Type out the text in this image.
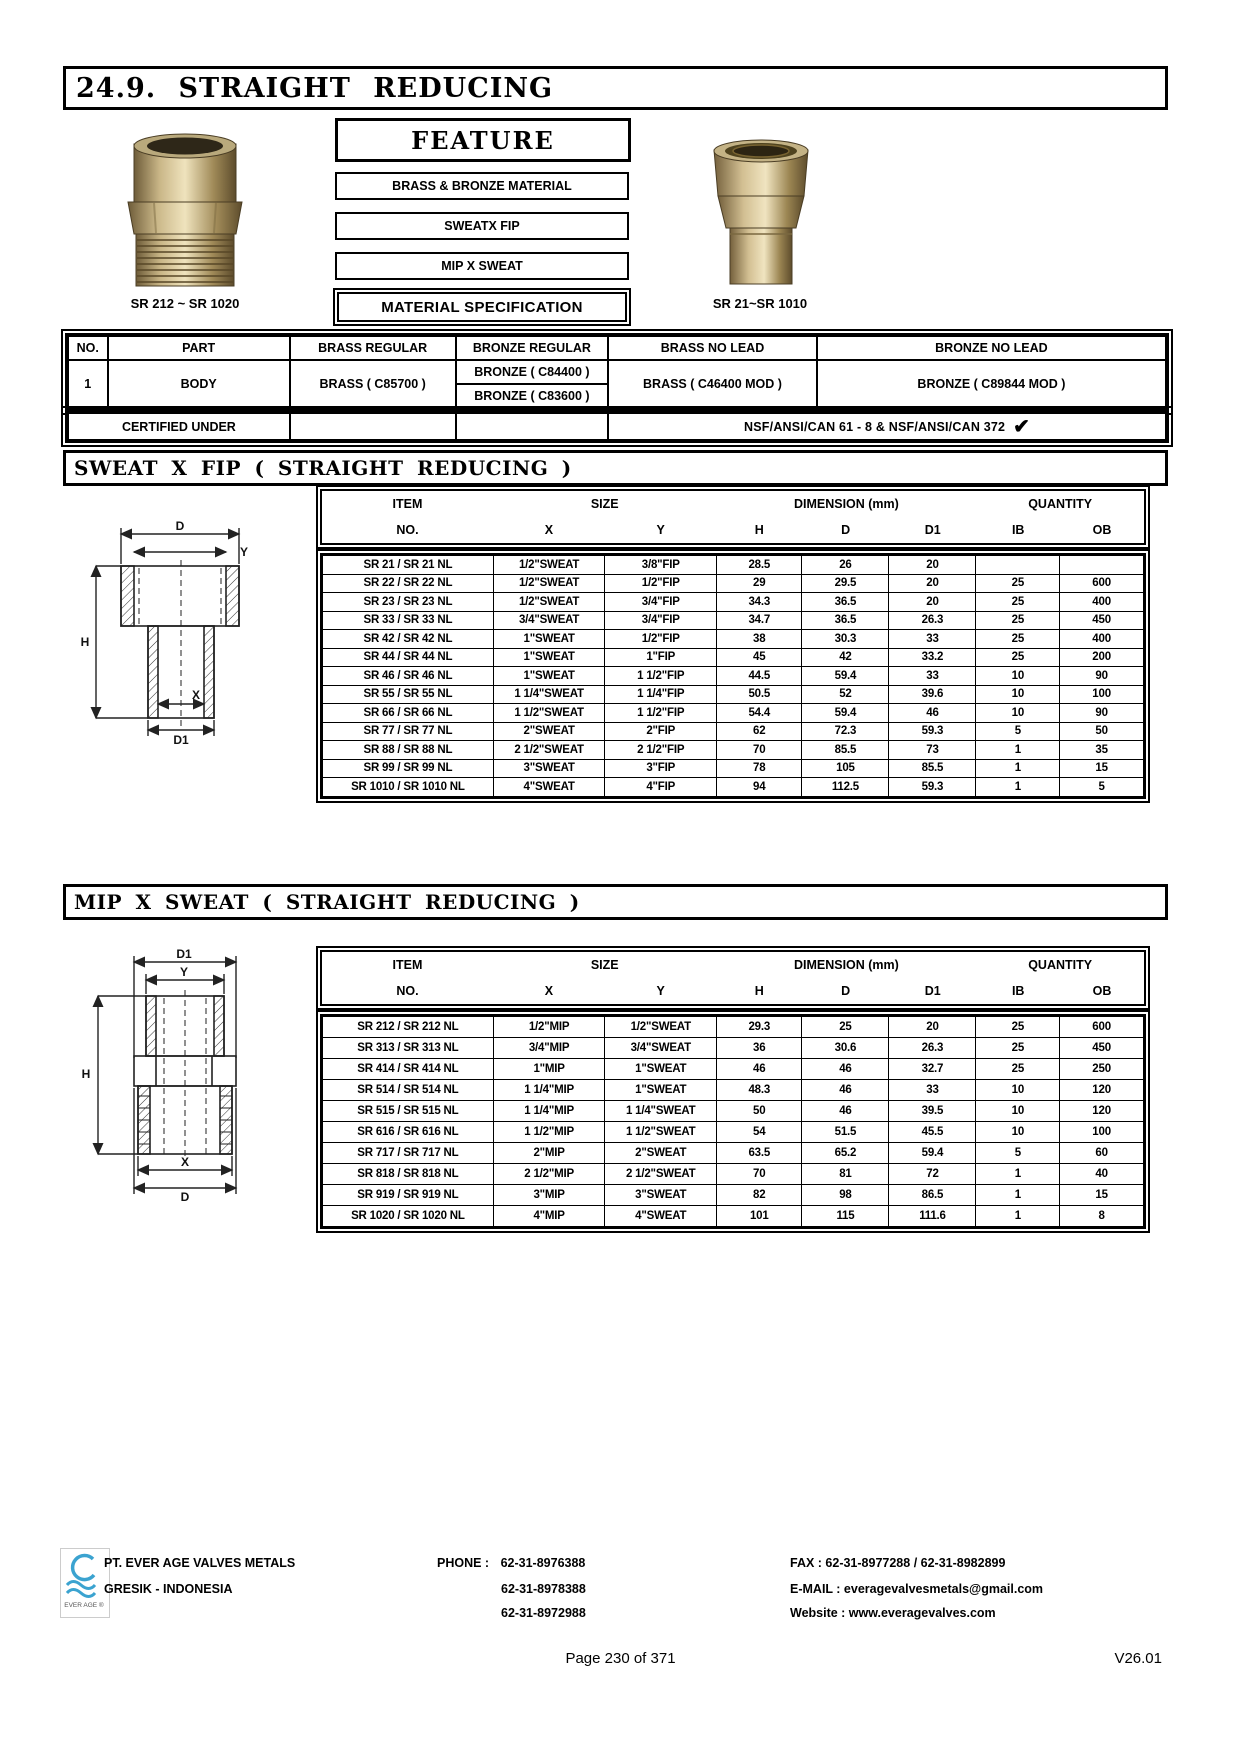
24.9. STRAIGHT REDUCING
SR 212 ~ SR 1020
FEATURE
BRASS & BRONZE MATERIAL
SWEATX FIP
MIP X SWEAT
MATERIAL SPECIFICATION	SR 21~SR 1010
NO.	PART	BRASS REGULAR	BRONZE REGULAR	BRASS NO LEAD	BRONZE NO LEAD
1	BODY	BRASS ( C85700 )	BRONZE ( C84400 )	BRASS ( C46400 MOD )	BRONZE ( C89844 MOD )
			BRONZE ( C83600 )		
CERTIFIED UNDER			NSF/ANSI/CAN 61 - 8 & NSF/ANSI/CAN 372 ✔
SWEAT X FIP ( STRAIGHT REDUCING )
D
Y
H
X
D1
ITEM	SIZE		DIMENSION (mm)			QUANTITY	
NO.	X	Y	H	D	D1	IB	OB
SR 21 / SR 21 NL	1/2"SWEAT	3/8"FIP	28.5	26	20		
SR 22 / SR 22 NL	1/2"SWEAT	1/2"FIP	29	29.5	20	25	600
SR 23 / SR 23 NL	1/2"SWEAT	3/4"FIP	34.3	36.5	20	25	400
SR 33 / SR 33 NL	3/4"SWEAT	3/4"FIP	34.7	36.5	26.3	25	450
SR 42 / SR 42 NL	1"SWEAT	1/2"FIP	38	30.3	33	25	400
SR 44 / SR 44 NL	1"SWEAT	1"FIP	45	42	33.2	25	200
SR 46 / SR 46 NL	1"SWEAT	1 1/2"FIP	44.5	59.4	33	10	90
SR 55 / SR 55 NL	1 1/4"SWEAT	1 1/4"FIP	50.5	52	39.6	10	100
SR 66 / SR 66 NL	1 1/2"SWEAT	1 1/2"FIP	54.4	59.4	46	10	90
SR 77 / SR 77 NL	2"SWEAT	2"FIP	62	72.3	59.3	5	50
SR 88 / SR 88 NL	2 1/2"SWEAT	2 1/2"FIP	70	85.5	73	1	35
SR 99 / SR 99 NL	3"SWEAT	3"FIP	78	105	85.5	1	15
SR 1010 / SR 1010 NL	4"SWEAT	4"FIP	94	112.5	59.3	1	5
MIP X SWEAT ( STRAIGHT REDUCING )
D1
Y
H
X
D
ITEM	SIZE		DIMENSION (mm)			QUANTITY	
NO.	X	Y	H	D	D1	IB	OB
SR 212 / SR 212 NL	1/2"MIP	1/2"SWEAT	29.3	25	20	25	600
SR 313 / SR 313 NL	3/4"MIP	3/4"SWEAT	36	30.6	26.3	25	450
SR 414 / SR 414 NL	1"MIP	1"SWEAT	46	46	32.7	25	250
SR 514 / SR 514 NL	1 1/4"MIP	1"SWEAT	48.3	46	33	10	120
SR 515 / SR 515 NL	1 1/4"MIP	1 1/4"SWEAT	50	46	39.5	10	120
SR 616 / SR 616 NL	1 1/2"MIP	1 1/2"SWEAT	54	51.5	45.5	10	100
SR 717 / SR 717 NL	2"MIP	2"SWEAT	63.5	65.2	59.4	5	60
SR 818 / SR 818 NL	2 1/2"MIP	2 1/2"SWEAT	70	81	72	1	40
SR 919 / SR 919 NL	3"MIP	3"SWEAT	82	98	86.5	1	15
SR 1020 / SR 1020 NL	4"MIP	4"SWEAT	101	115	111.6	1	8
EVER AGE ®
PT. EVER AGE VALVES METALS
GRESIK - INDONESIA
PHONE : 62-31-8976388
62-31-8978388
62-31-8972988
FAX : 62-31-8977288 / 62-31-8982899
E-MAIL : everagevalvesmetals@gmail.com
Website : www.everagevalves.com
Page 230 of 371	V26.01
